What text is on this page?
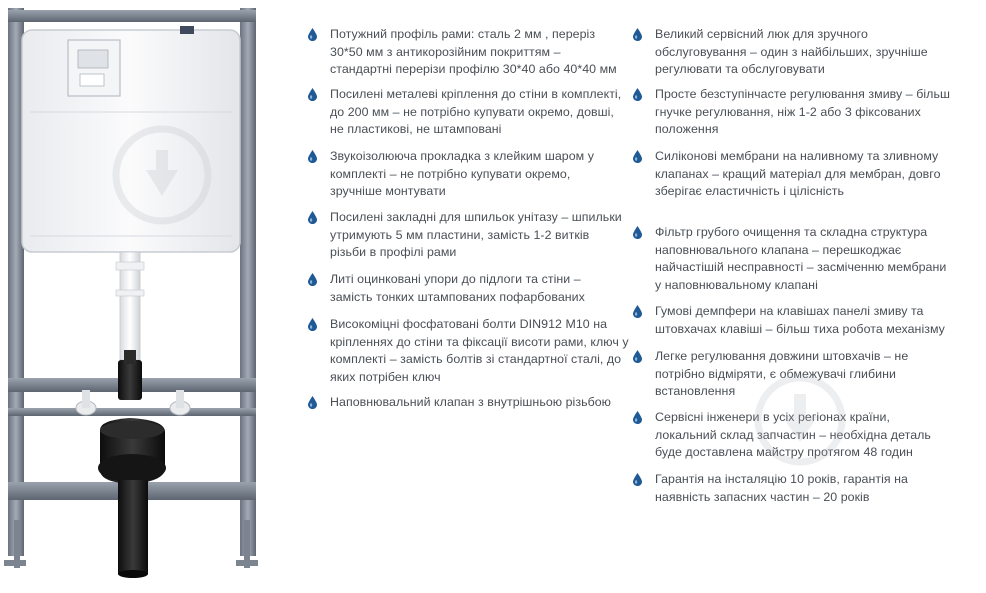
Потужний профіль рами: сталь 2 мм , переріз
30*50 мм з антикорозійним покриттям –
стандартні перерізи профілю 30*40 або 40*40 мм
Посилені металеві кріплення до стіни в комплекті,
до 200 мм – не потрібно купувати окремо, довші,
не пластикові, не штамповані
Звукоізолююча прокладка з клейким шаром у
комплекті – не потрібно купувати окремо,
зручніше монтувати
Посилені закладні для шпильок унітазу – шпильки
утримують 5 мм пластини, замість 1-2 витків
різьби в профілі рами
Литі оцинковані упори до підлоги та стіни –
замість тонких штампованих пофарбованих
Високоміцні фосфатовані болти DIN912 M10 на
кріпленнях до стіни та фіксації висоти рами, ключ у
комплекті – замість болтів зі стандартної сталі, до
яких потрібен ключ
Наповнювальний клапан з внутрішньою різьбою
Великий сервісний люк для зручного
обслуговування – один з найбільших, зручніше
регулювати та обслуговувати
Просте безступінчасте регулювання змиву – більш
гнучке регулювання, ніж 1-2 або 3 фіксованих
положення
Силіконові мембрани на наливному та зливному
клапанах – кращий матеріал для мембран, довго
зберігає еластичність і цілісність
Фільтр грубого очищення та складна структура
наповнювального клапана – перешкоджає
найчастішій несправності – засміченню мембрани
у наповнювальному клапані
Гумові демпфери на клавішах панелі змиву та
штовхачах клавіші – більш тиха робота механізму
Легке регулювання довжини штовхачів – не
потрібно відміряти, є обмежувачі глибини
встановлення
Сервісні інженери в усіх регіонах країни,
локальний склад запчастин – необхідна деталь
буде доставлена майстру протягом 48 годин
Гарантія на інсталяцію 10 років, гарантія на
наявність запасних частин – 20 років
